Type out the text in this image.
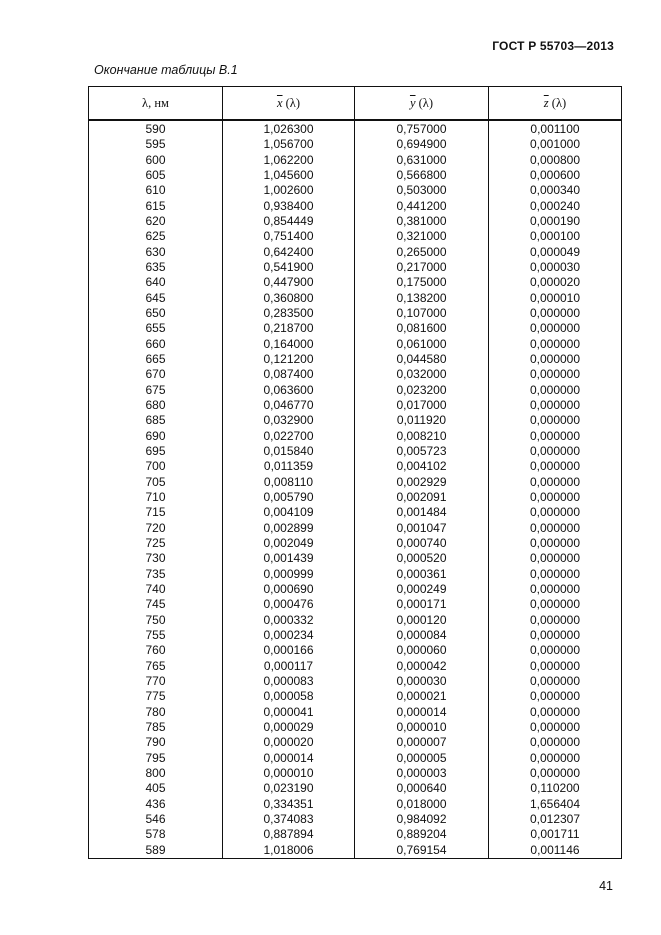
ГОСТ Р 55703—2013
Окончание таблицы В.1
λ, нм	$\overline{x}$ (λ)	$\overline{y}$ (λ)	$\overline{z}$ (λ)
590	1,026300	0,757000	0,001100
595	1,056700	0,694900	0,001000
600	1,062200	0,631000	0,000800
605	1,045600	0,566800	0,000600
610	1,002600	0,503000	0,000340
615	0,938400	0,441200	0,000240
620	0,854449	0,381000	0,000190
625	0,751400	0,321000	0,000100
630	0,642400	0,265000	0,000049
635	0,541900	0,217000	0,000030
640	0,447900	0,175000	0,000020
645	0,360800	0,138200	0,000010
650	0,283500	0,107000	0,000000
655	0,218700	0,081600	0,000000
660	0,164000	0,061000	0,000000
665	0,121200	0,044580	0,000000
670	0,087400	0,032000	0,000000
675	0,063600	0,023200	0,000000
680	0,046770	0,017000	0,000000
685	0,032900	0,011920	0,000000
690	0,022700	0,008210	0,000000
695	0,015840	0,005723	0,000000
700	0,011359	0,004102	0,000000
705	0,008110	0,002929	0,000000
710	0,005790	0,002091	0,000000
715	0,004109	0,001484	0,000000
720	0,002899	0,001047	0,000000
725	0,002049	0,000740	0,000000
730	0,001439	0,000520	0,000000
735	0,000999	0,000361	0,000000
740	0,000690	0,000249	0,000000
745	0,000476	0,000171	0,000000
750	0,000332	0,000120	0,000000
755	0,000234	0,000084	0,000000
760	0,000166	0,000060	0,000000
765	0,000117	0,000042	0,000000
770	0,000083	0,000030	0,000000
775	0,000058	0,000021	0,000000
780	0,000041	0,000014	0,000000
785	0,000029	0,000010	0,000000
790	0,000020	0,000007	0,000000
795	0,000014	0,000005	0,000000
800	0,000010	0,000003	0,000000
405	0,023190	0,000640	0,110200
436	0,334351	0,018000	1,656404
546	0,374083	0,984092	0,012307
578	0,887894	0,889204	0,001711
589	1,018006	0,769154	0,001146
41
